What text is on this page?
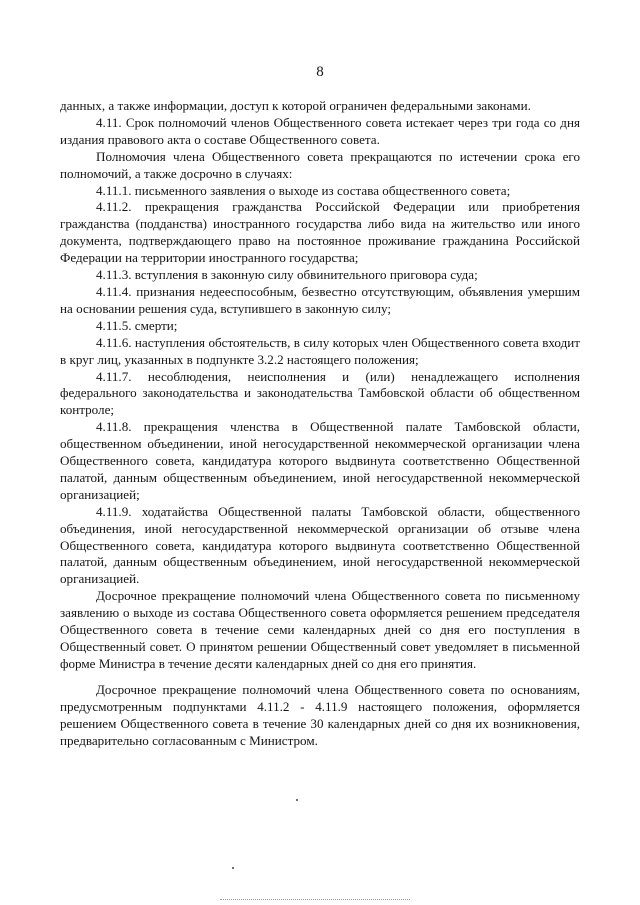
8

данных, а также информации, доступ к которой ограничен федеральными законами.

4.11. Срок полномочий членов Общественного совета истекает через три года со дня издания правового акта о составе Общественного совета.

Полномочия члена Общественного совета прекращаются по истечении срока его полномочий, а также досрочно в случаях:

4.11.1. письменного заявления о выходе из состава общественного совета;

4.11.2. прекращения гражданства Российской Федерации или приобретения гражданства (подданства) иностранного государства либо вида на жительство или иного документа, подтверждающего право на постоянное проживание гражданина Российской Федерации на территории иностранного государства;

4.11.3. вступления в законную силу обвинительного приговора суда;

4.11.4. признания недееспособным, безвестно отсутствующим, объявления умершим на основании решения суда, вступившего в законную силу;

4.11.5. смерти;

4.11.6. наступления обстоятельств, в силу которых член Общественного совета входит в круг лиц, указанных в подпункте 3.2.2 настоящего положения;

4.11.7. несоблюдения, неисполнения и (или) ненадлежащего исполнения федерального законодательства и законодательства Тамбовской области об общественном контроле;

4.11.8. прекращения членства в Общественной палате Тамбовской области, общественном объединении, иной негосударственной некоммерческой организации члена Общественного совета, кандидатура которого выдвинута соответственно Общественной палатой, данным общественным объединением, иной негосударственной некоммерческой организацией;

4.11.9. ходатайства Общественной палаты Тамбовской области, общественного объединения, иной негосударственной некоммерческой организации об отзыве члена Общественного совета, кандидатура которого выдвинута соответственно Общественной палатой, данным общественным объединением, иной негосударственной некоммерческой организацией.

Досрочное прекращение полномочий члена Общественного совета по письменному заявлению о выходе из состава Общественного совета оформляется решением председателя Общественного совета в течение семи календарных дней со дня его поступления в Общественный совет. О принятом решении Общественный совет уведомляет в письменной форме Министра в течение десяти календарных дней со дня его принятия.

Досрочное прекращение полномочий члена Общественного совета по основаниям, предусмотренным подпунктами 4.11.2 - 4.11.9 настоящего положения, оформляется решением Общественного совета в течение 30 календарных дней со дня их возникновения, предварительно согласованным с Министром.
